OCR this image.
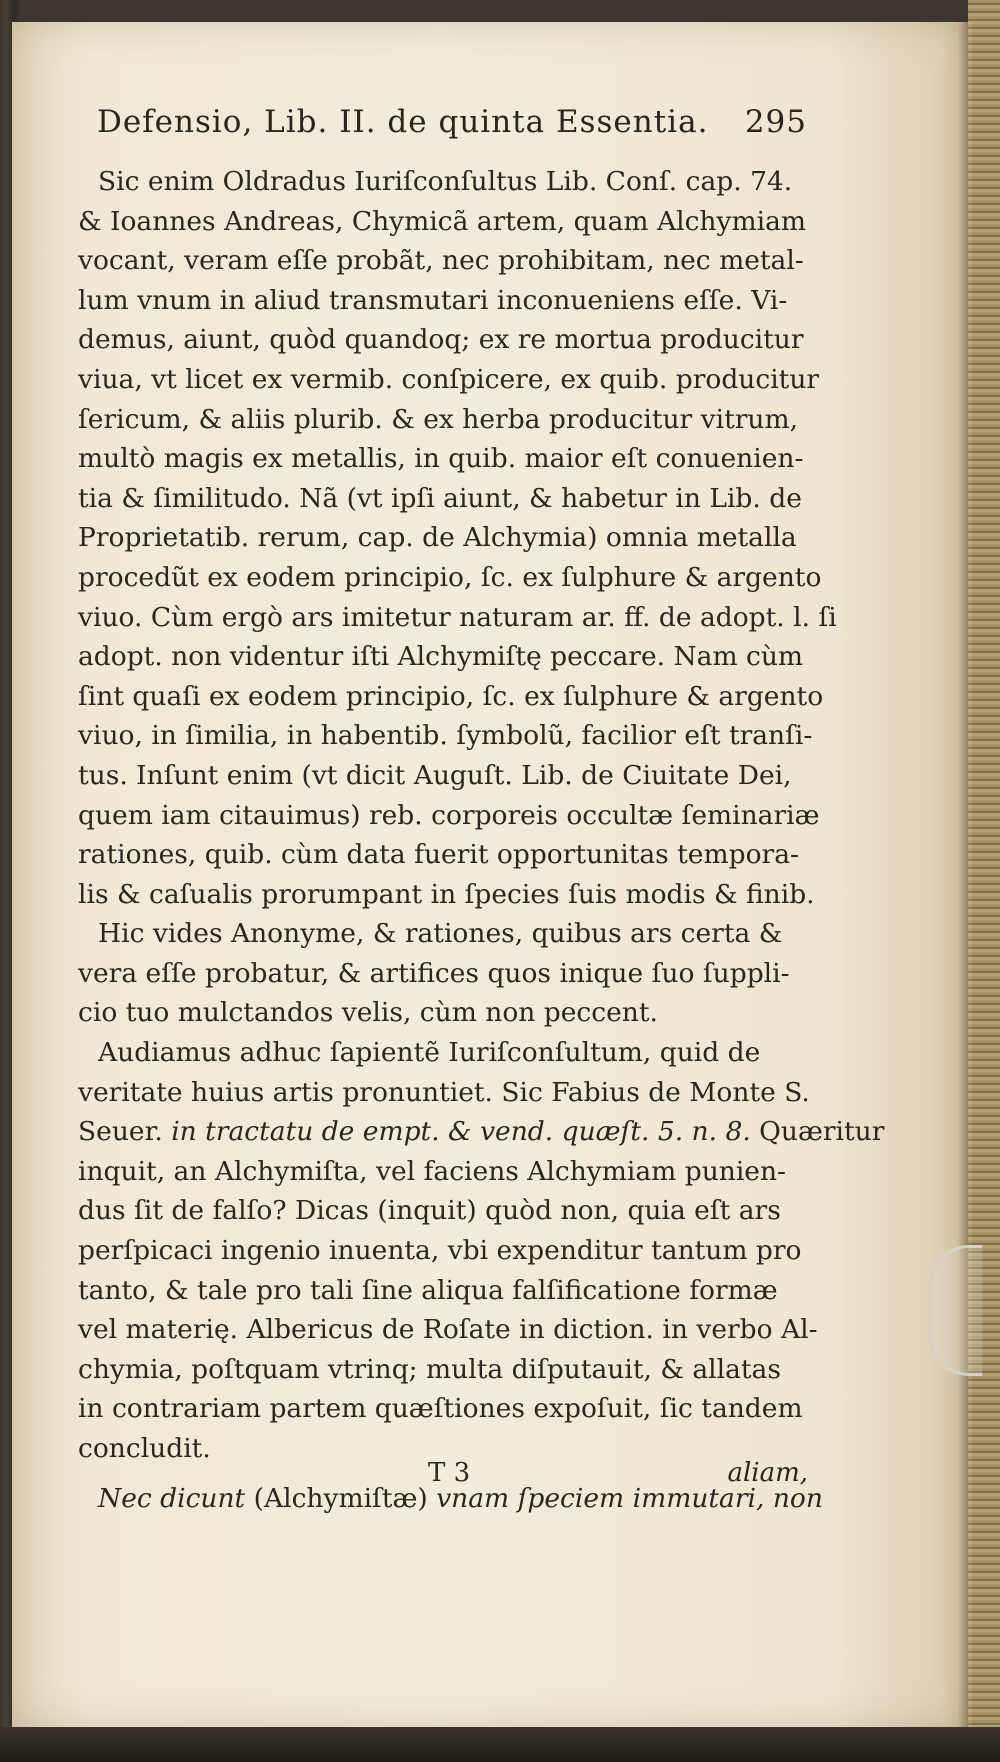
Defensio, Lib. II. de quinta Essentia. 295
Sic enim Oldradus Iuriſconſultus Lib. Conſ. cap. 74.
& Ioannes Andreas, Chymicã artem, quam Alchymiam
vocant, veram eſſe probãt, nec prohibitam, nec metal-
lum vnum in aliud transmutari inconueniens eſſe. Vi-
demus, aiunt, quòd quandoq; ex re mortua producitur
viua, vt licet ex vermib. conſpicere, ex quib. producitur
ſericum, & aliis plurib. & ex herba producitur vitrum,
multò magis ex metallis, in quib. maior eſt conuenien-
tia & ſimilitudo. Nã (vt ipſi aiunt, & habetur in Lib. de
Proprietatib. rerum, cap. de Alchymia) omnia metalla
procedũt ex eodem principio, ſc. ex ſulphure & argento
viuo. Cùm ergò ars imitetur naturam ar. ff. de adopt. l. ſi
adopt. non videntur iſti Alchymiſtę peccare. Nam cùm
ſint quaſi ex eodem principio, ſc. ex ſulphure & argento
viuo, in ſimilia, in habentib. ſymbolũ, facilior eſt tranſi-
tus. Inſunt enim (vt dicit Auguſt. Lib. de Ciuitate Dei,
quem iam citauimus) reb. corporeis occultæ ſeminariæ
rationes, quib. cùm data fuerit opportunitas tempora-
lis & caſualis prorumpant in ſpecies ſuis modis & finib.
Hic vides Anonyme, & rationes, quibus ars certa &
vera eſſe probatur, & artifices quos inique ſuo ſuppli-
cio tuo mulctandos velis, cùm non peccent.
Audiamus adhuc ſapientẽ Iuriſconſultum, quid de
veritate huius artis pronuntiet. Sic Fabius de Monte S.
Seuer. in tractatu de empt. & vend. quæſt. 5. n. 8. Quæritur
inquit, an Alchymiſta, vel faciens Alchymiam punien-
dus ſit de falſo? Dicas (inquit) quòd non, quia eſt ars
perſpicaci ingenio inuenta, vbi expenditur tantum pro
tanto, & tale pro tali ſine aliqua falſificatione formæ
vel materię. Albericus de Roſate in diction. in verbo Al-
chymia, poſtquam vtrinq; multa diſputauit, & allatas
in contrariam partem quæſtiones expoſuit, ſic tandem
concludit.
Nec dicunt (Alchymiſtæ) vnam ſpeciem immutari, non
T 3	aliam,
